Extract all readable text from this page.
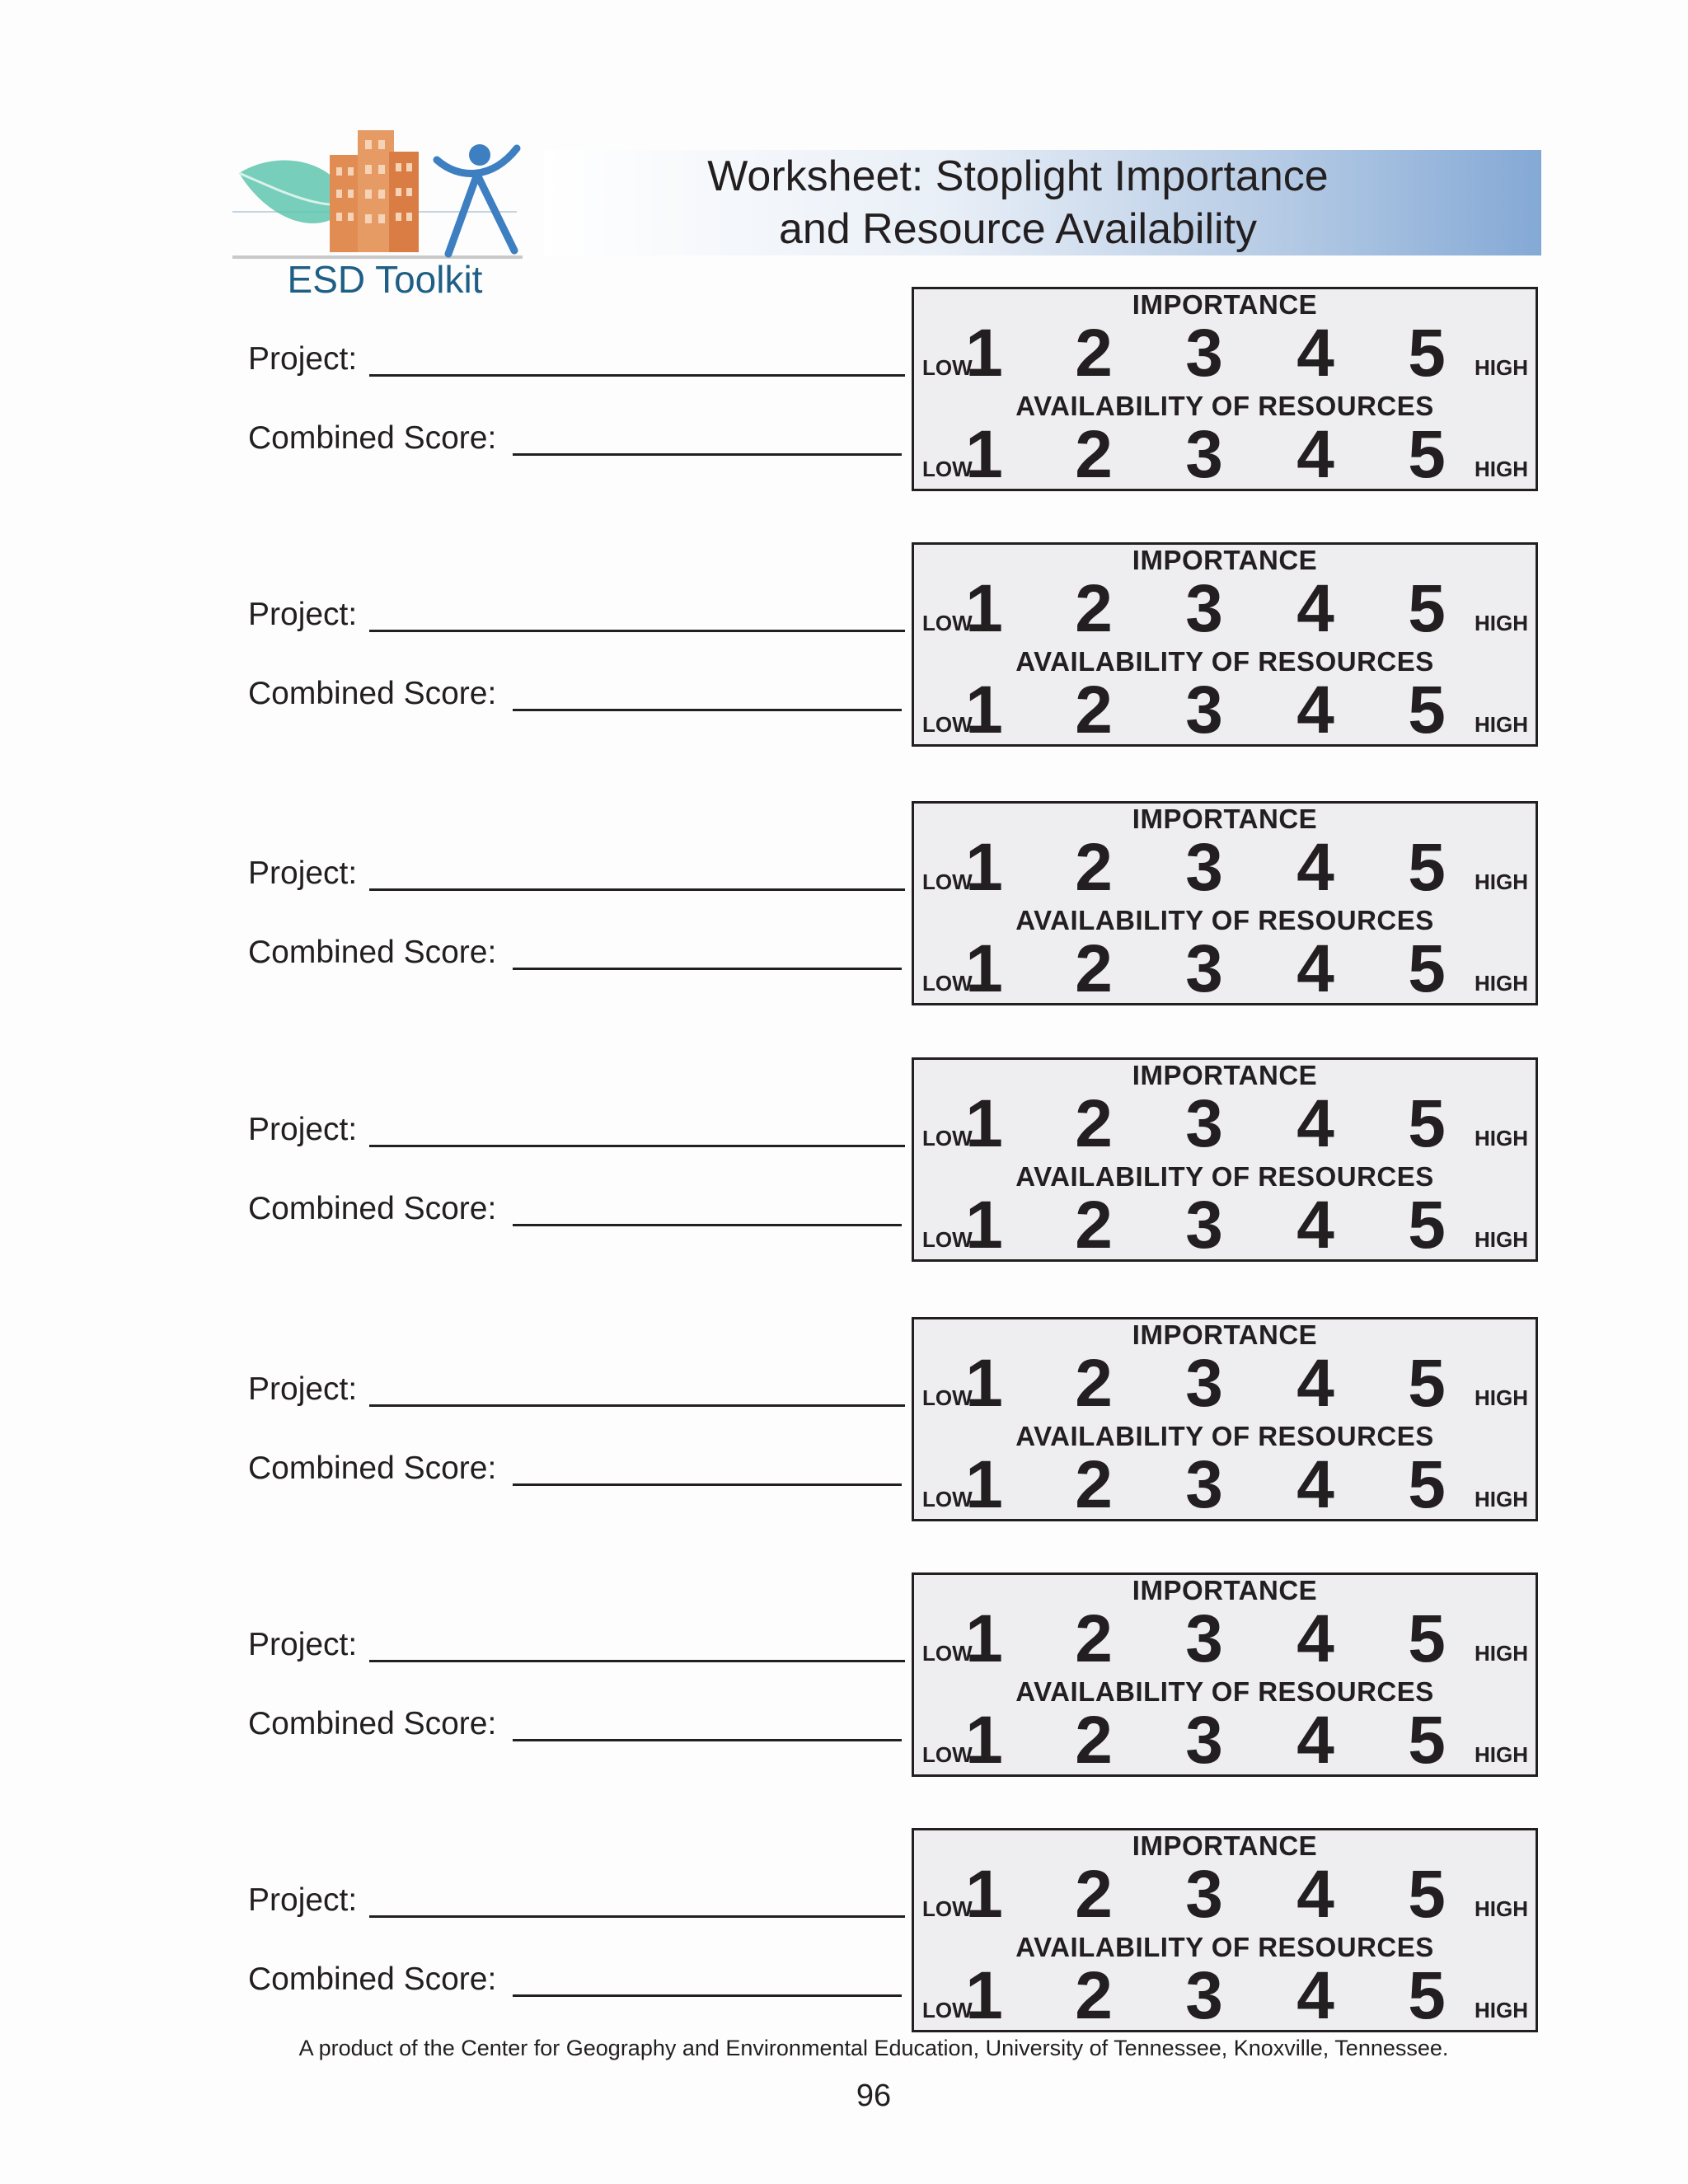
Worksheet: Stoplight Importance
and Resource Availability
ESD Toolkit
Project:
Combined Score:
IMPORTANCE
LOW	HIGH
1 2 3 4 5
AVAILABILITY OF RESOURCES
LOW	HIGH
1 2 3 4 5
Project:
Combined Score:
IMPORTANCE
LOW	HIGH
1 2 3 4 5
AVAILABILITY OF RESOURCES
LOW	HIGH
1 2 3 4 5
Project:
Combined Score:
IMPORTANCE
LOW	HIGH
1 2 3 4 5
AVAILABILITY OF RESOURCES
LOW	HIGH
1 2 3 4 5
Project:
Combined Score:
IMPORTANCE
LOW	HIGH
1 2 3 4 5
AVAILABILITY OF RESOURCES
LOW	HIGH
1 2 3 4 5
Project:
Combined Score:
IMPORTANCE
LOW	HIGH
1 2 3 4 5
AVAILABILITY OF RESOURCES
LOW	HIGH
1 2 3 4 5
Project:
Combined Score:
IMPORTANCE
LOW	HIGH
1 2 3 4 5
AVAILABILITY OF RESOURCES
LOW	HIGH
1 2 3 4 5
Project:
Combined Score:
IMPORTANCE
LOW	HIGH
1 2 3 4 5
AVAILABILITY OF RESOURCES
LOW	HIGH
1 2 3 4 5
A product of the Center for Geography and Environmental Education, University of Tennessee, Knoxville, Tennessee.
96
